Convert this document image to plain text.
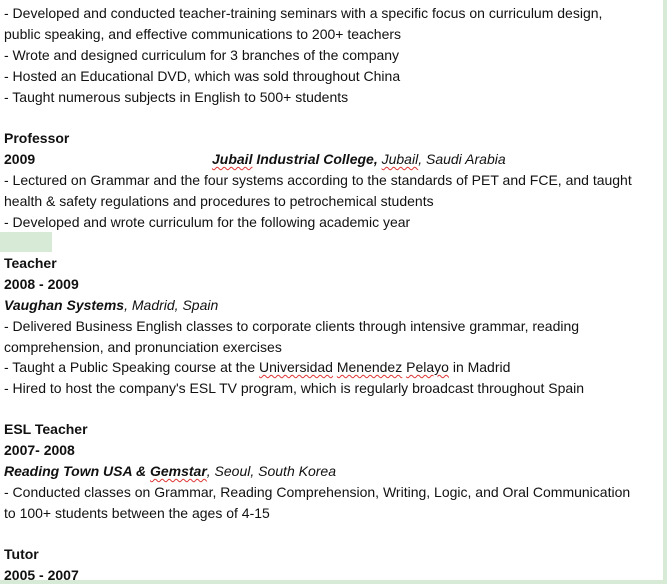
- Developed and conducted teacher-training seminars with a specific focus on curriculum design,
public speaking, and effective communications to 200+ teachers
- Wrote and designed curriculum for 3 branches of the company
- Hosted an Educational DVD, which was sold throughout China
- Taught numerous subjects in English to 500+ students
Professor
2009	Jubail Industrial College, Jubail, Saudi Arabia
- Lectured on Grammar and the four systems according to the standards of PET and FCE, and taught
health & safety regulations and procedures to petrochemical students
- Developed and wrote curriculum for the following academic year
Teacher
2008 - 2009
Vaughan Systems, Madrid, Spain
- Delivered Business English classes to corporate clients through intensive grammar, reading
comprehension, and pronunciation exercises
- Taught a Public Speaking course at the Universidad Menendez Pelayo in Madrid
- Hired to host the company's ESL TV program, which is regularly broadcast throughout Spain
ESL Teacher
2007- 2008
Reading Town USA & Gemstar, Seoul, South Korea
- Conducted classes on Grammar, Reading Comprehension, Writing, Logic, and Oral Communication
to 100+ students between the ages of 4-15
Tutor
2005 - 2007
